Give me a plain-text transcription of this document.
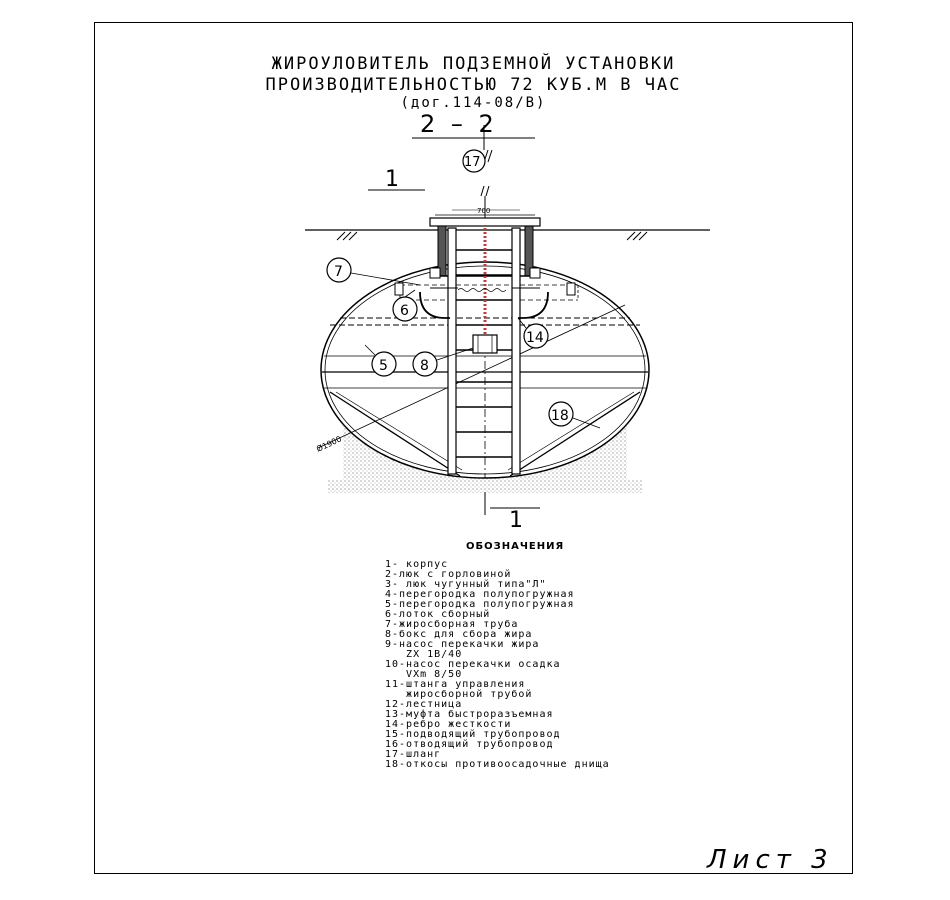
ЖИРОУЛОВИТЕЛЬ ПОДЗЕМНОЙ УСТАНОВКИ
ПРОИЗВОДИТЕЛЬНОСТЬЮ 72 КУБ.М В ЧАС
(дог.114-08/В)
2 – 2
1
1
Ø1900
700
17
7
6
14
5 8
18
ОБОЗНАЧЕНИЯ
1- корпус
2-люк с горловиной
3- люк чугунный типа"Л"
4-перегородка полупогружная
5-перегородка полупогружная
6-лоток сборный
7-жиросборная труба
8-бокс для сбора жира
9-насос перекачки жира
ZX 1B/40
10-насос перекачки осадка
VXm 8/50
11-штанга управления
жиросборной трубой
12-лестница
13-муфта быстроразъемная
14-ребро жесткости
15-подводящий трубопровод
16-отводящий трубопровод
17-шланг
18-откосы противоосадочные днища
Лист 3
